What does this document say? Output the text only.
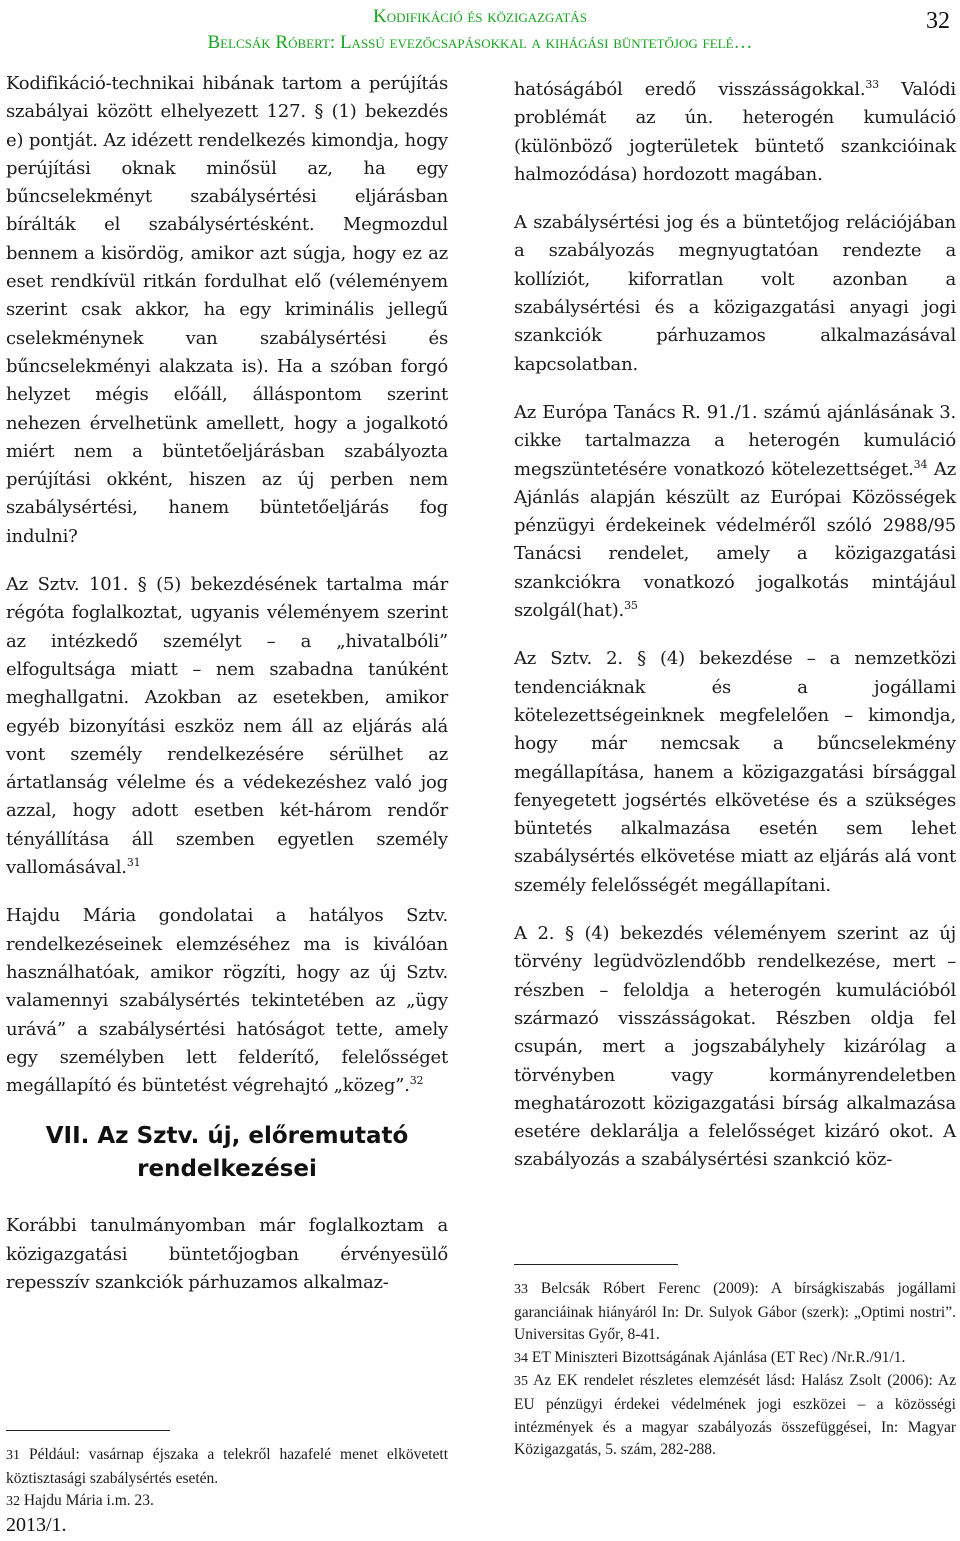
Kodifikáció és közigazgatás
Belcsák Róbert: Lassú evezőcsapásokkal a kihágási büntetőjog felé…
32

Kodifikáció-technikai hibának tartom a perújítás szabályai között elhelyezett 127. § (1) bekezdés e) pontját. Az idézett rendelkezés kimondja, hogy perújítási oknak minősül az, ha egy bűncselekményt szabálysértési eljárásban bírálták el szabálysértésként. Megmozdul bennem a kisördög, amikor azt súgja, hogy ez az eset rendkívül ritkán fordulhat elő (véleményem szerint csak akkor, ha egy kriminális jellegű cselekménynek van szabálysértési és bűncselekményi alakzata is). Ha a szóban forgó helyzet mégis előáll, álláspontom szerint nehezen érvelhetünk amellett, hogy a jogalkotó miért nem a büntetőeljárásban szabályozta perújítási okként, hiszen az új perben nem szabálysértési, hanem büntetőeljárás fog indulni?

Az Sztv. 101. § (5) bekezdésének tartalma már régóta foglalkoztat, ugyanis véleményem szerint az intézkedő személyt – a „hivatalbóli” elfogultsága miatt – nem szabadna tanúként meghallgatni. Azokban az esetekben, amikor egyéb bizonyítási eszköz nem áll az eljárás alá vont személy rendelkezésére sérülhet az ártatlanság vélelme és a védekezéshez való jog azzal, hogy adott esetben két-három rendőr tényállítása áll szemben egyetlen személy vallomásával.$^{31}$

Hajdu Mária gondolatai a hatályos Sztv. rendelkezéseinek elemzéséhez ma is kiválóan használhatóak, amikor rögzíti, hogy az új Sztv. valamennyi szabálysértés tekintetében az „ügy urává” a szabálysértési hatóságot tette, amely egy személyben lett felderítő, felelősséget megállapító és büntetést végrehajtó „közeg”.$^{32}$

VII. Az Sztv. új, előremutató rendelkezései

Korábbi tanulmányomban már foglalkoztam a közigazgatási büntetőjogban érvényesülő repesszív szankciók párhuzamos alkalmaz-

hatóságából eredő visszásságokkal.$^{33}$ Valódi problémát az ún. heterogén kumuláció (különböző jogterületek büntető szankcióinak halmozódása) hordozott magában.

A szabálysértési jog és a büntetőjog relációjában a szabályozás megnyugtatóan rendezte a kollíziót, kiforratlan volt azonban a szabálysértési és a közigazgatási anyagi jogi szankciók párhuzamos alkalmazásával kapcsolatban.

Az Európa Tanács R. 91./1. számú ajánlásának 3. cikke tartalmazza a heterogén kumuláció megszüntetésére vonatkozó kötelezettséget.$^{34}$ Az Ajánlás alapján készült az Európai Közösségek pénzügyi érdekeinek védelméről szóló 2988/95 Tanácsi rendelet, amely a közigazgatási szankciókra vonatkozó jogalkotás mintájául szolgál(hat).$^{35}$

Az Sztv. 2. § (4) bekezdése – a nemzetközi tendenciáknak és a jogállami kötelezettségeinknek megfelelően – kimondja, hogy már nemcsak a bűncselekmény megállapítása, hanem a közigazgatási bírsággal fenyegetett jogsértés elkövetése és a szükséges büntetés alkalmazása esetén sem lehet szabálysértés elkövetése miatt az eljárás alá vont személy felelősségét megállapítani.

A 2. § (4) bekezdés véleményem szerint az új törvény legüdvözlendőbb rendelkezése, mert – részben – feloldja a heterogén kumulációból származó visszásságokat. Részben oldja fel csupán, mert a jogszabályhely kizárólag a törvényben vagy kormányrendeletben meghatározott közigazgatási bírság alkalmazása esetére deklarálja a felelősséget kizáró okot. A szabályozás a szabálysértési szankció köz-

31 Például: vasárnap éjszaka a telekről hazafelé menet elkövetett köztisztasági szabálysértés esetén.

32 Hajdu Mária i.m. 23.

33 Belcsák Róbert Ferenc (2009): A bírságkiszabás jogállami garanciáinak hiányáról In: Dr. Sulyok Gábor (szerk): „Optimi nostri”. Universitas Győr, 8-41.

34 ET Miniszteri Bizottságának Ajánlása (ET Rec) /Nr.R./91/1.

35 Az EK rendelet részletes elemzését lásd: Halász Zsolt (2006): Az EU pénzügyi érdekei védelmének jogi eszközei – a közösségi intézmények és a magyar szabályozás összefüggései, In: Magyar Közigazgatás, 5. szám, 282-288.

2013/1.
